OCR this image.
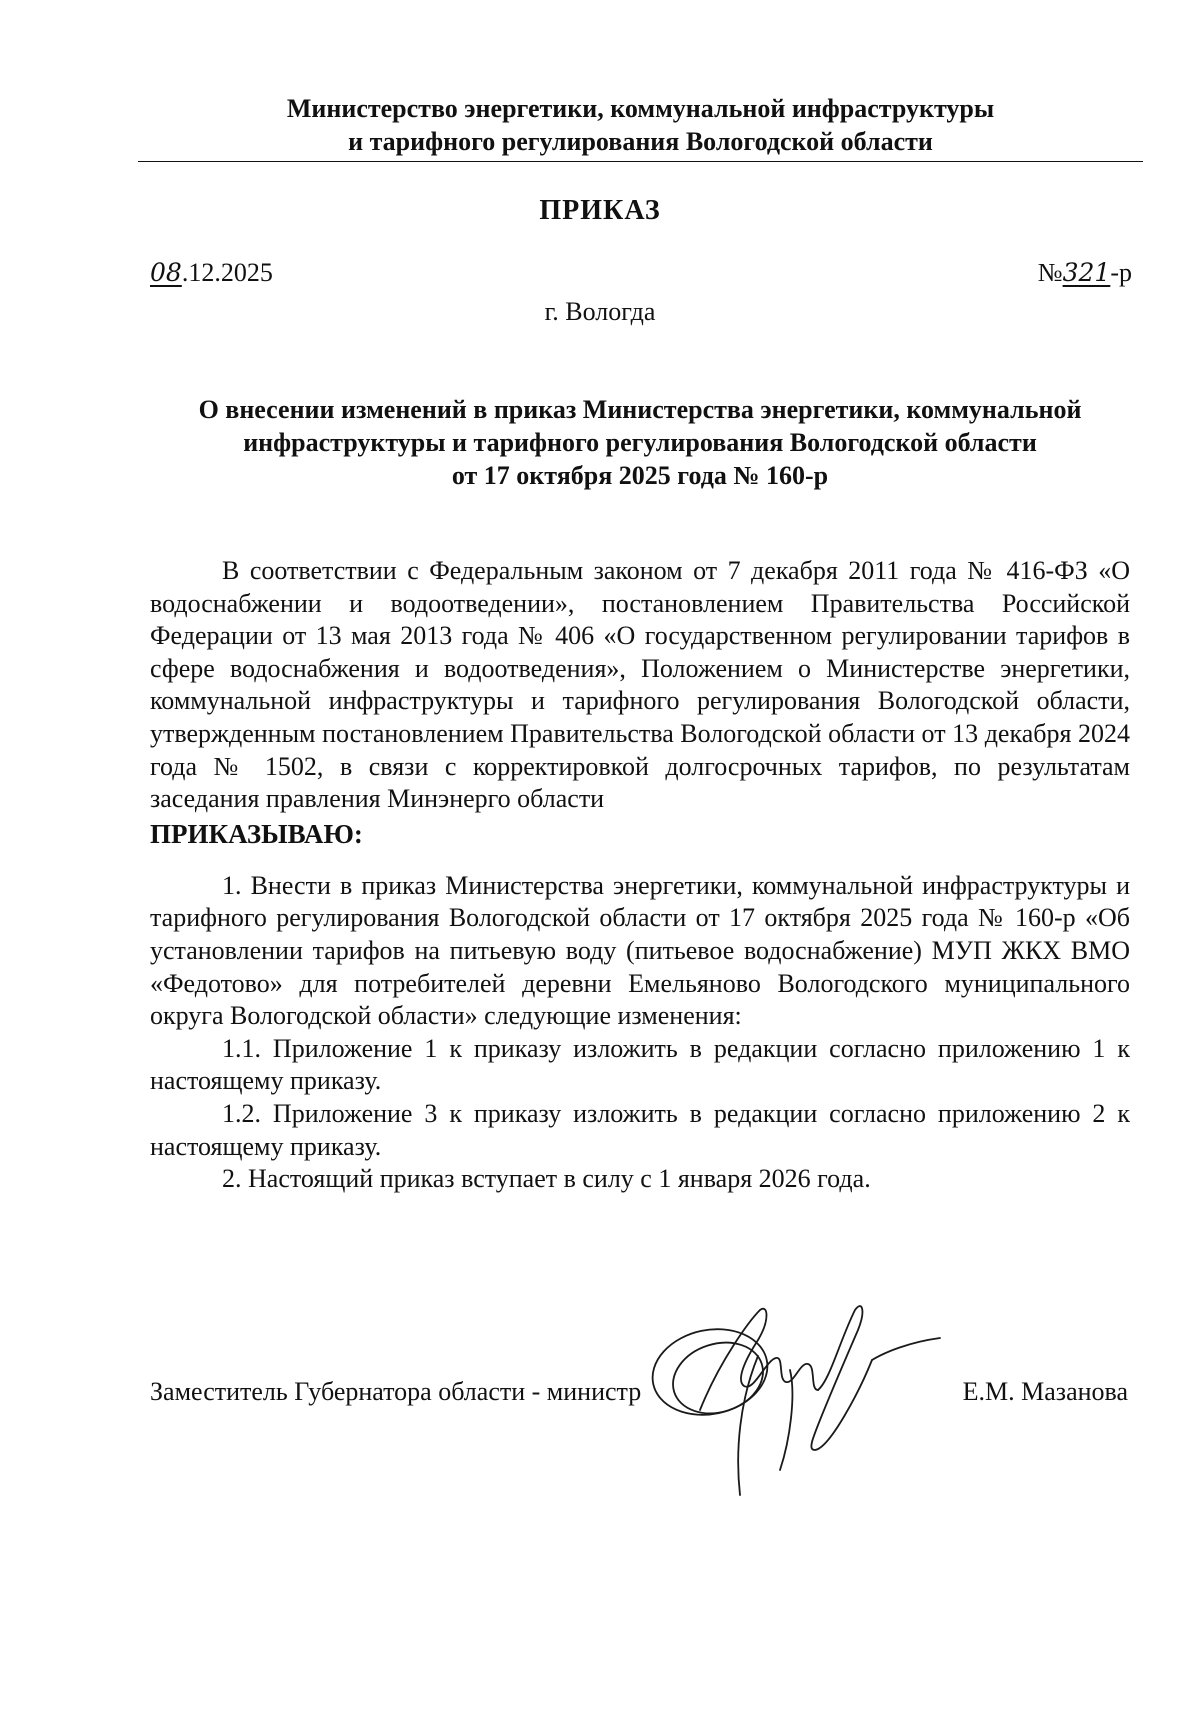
Министерство энергетики, коммунальной инфраструктуры
и тарифного регулирования Вологодской области
ПРИКАЗ
08.12.2025	№321-р
г. Вологда
О внесении изменений в приказ Министерства энергетики, коммунальной
инфраструктуры и тарифного регулирования Вологодской области
от 17 октября 2025 года № 160-р

В соответствии с Федеральным законом от 7 декабря 2011 года № 416-ФЗ «О водоснабжении и водоотведении», постановлением Правительства Российской Федерации от 13 мая 2013 года № 406 «О государственном регулировании тарифов в сфере водоснабжения и водоотведения», Положением о Министерстве энергетики, коммунальной инфраструктуры и тарифного регулирования Вологодской области, утвержденным постановлением Правительства Вологодской области от 13 декабря 2024 года № 1502, в связи с корректировкой долгосрочных тарифов, по результатам заседания правления Минэнерго области

ПРИКАЗЫВАЮ:

1. Внести в приказ Министерства энергетики, коммунальной инфраструктуры и тарифного регулирования Вологодской области от 17 октября 2025 года № 160-р «Об установлении тарифов на питьевую воду (питьевое водоснабжение) МУП ЖКХ ВМО «Федотово» для потребителей деревни Емельяново Вологодского муниципального округа Вологодской области» следующие изменения:

1.1. Приложение 1 к приказу изложить в редакции согласно приложению 1 к настоящему приказу.

1.2. Приложение 3 к приказу изложить в редакции согласно приложению 2 к настоящему приказу.

2. Настоящий приказ вступает в силу с 1 января 2026 года.

Заместитель Губернатора области - министр	Е.М. Мазанова
